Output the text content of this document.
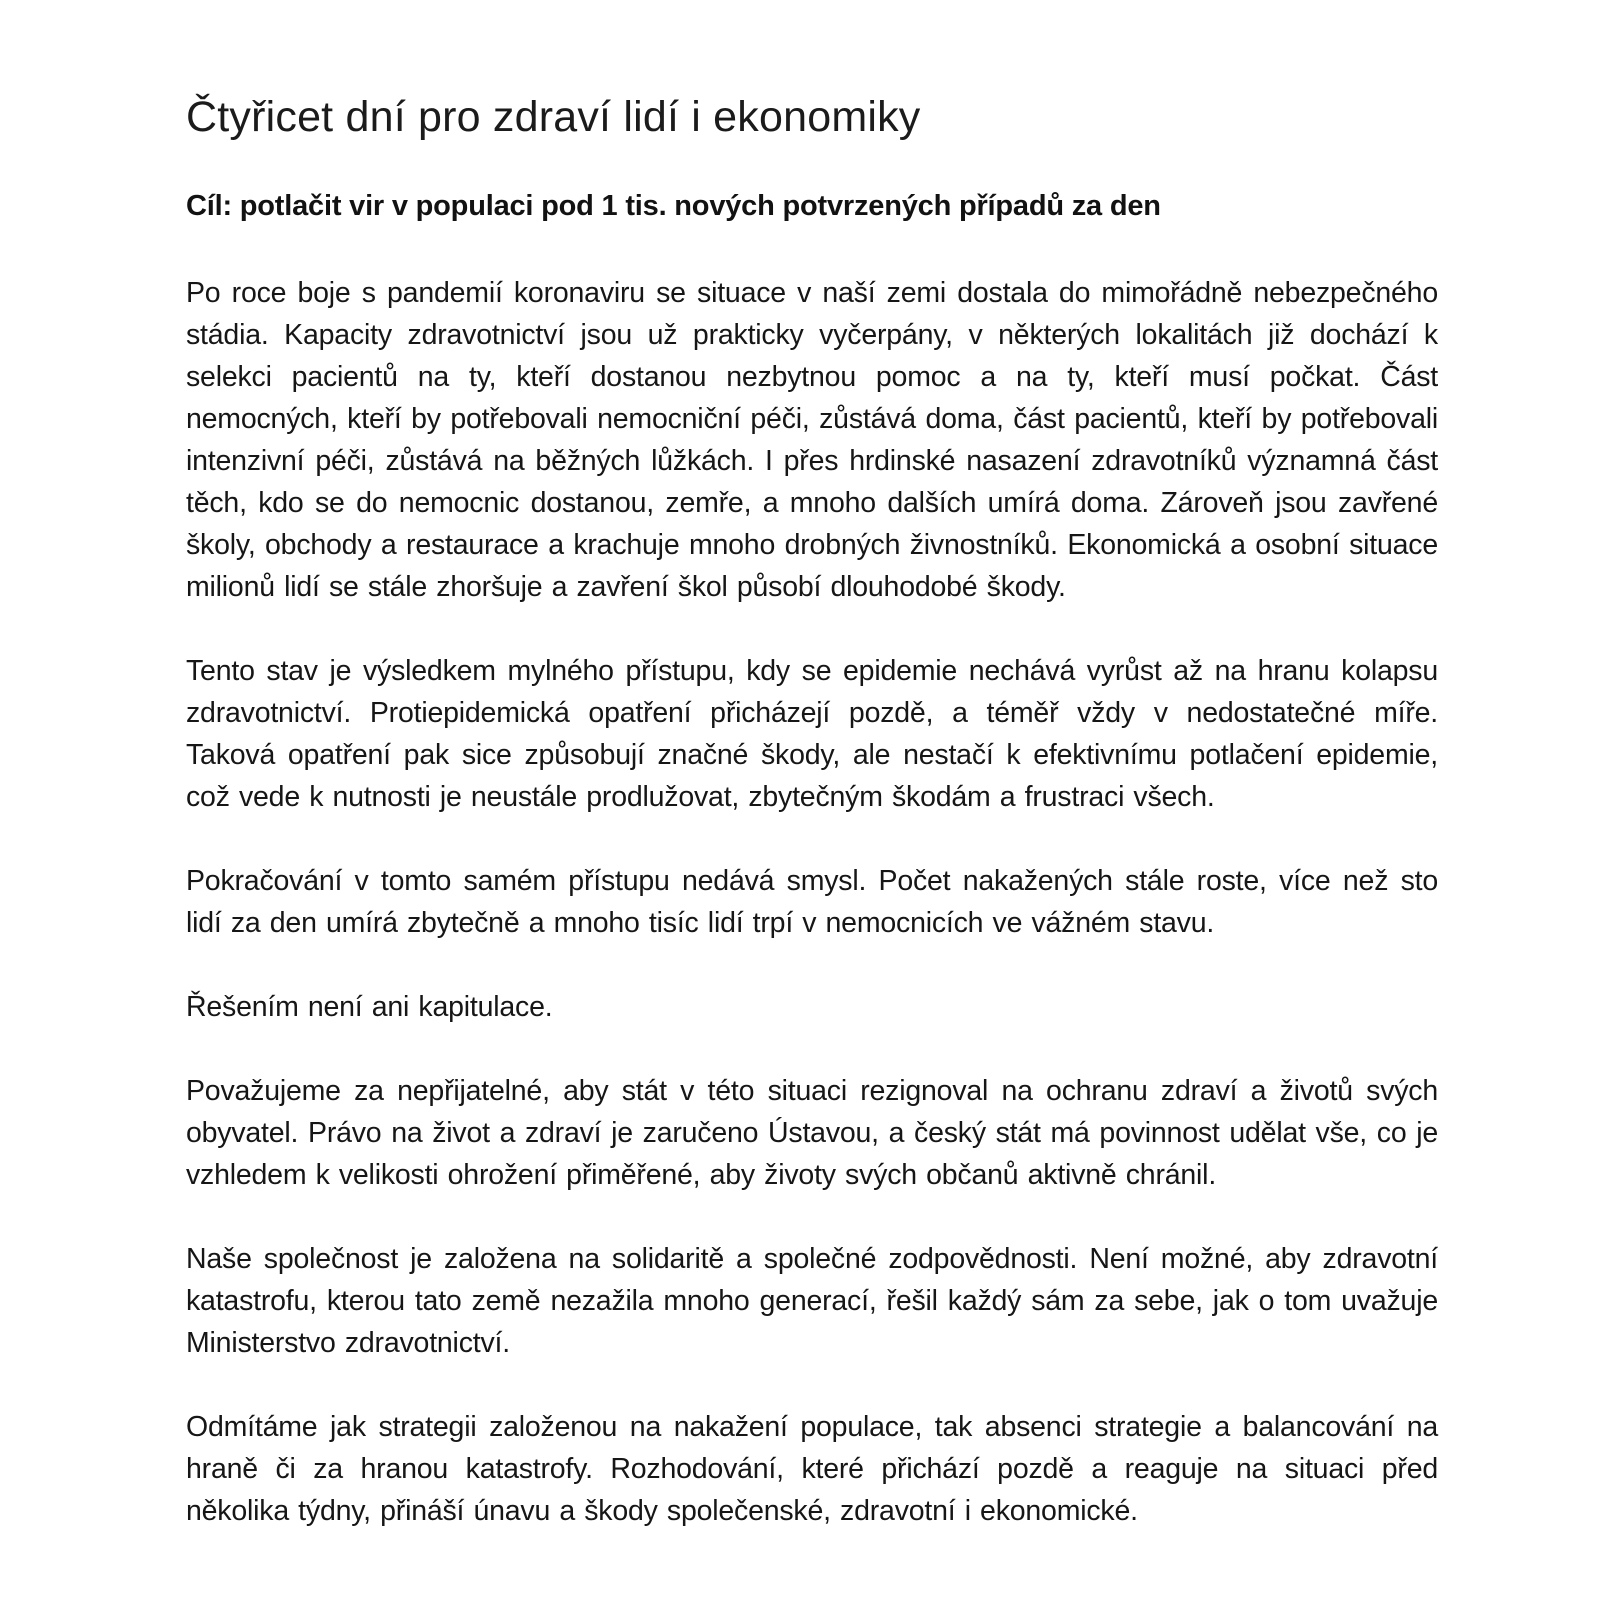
Čtyřicet dní pro zdraví lidí i ekonomiky
Cíl: potlačit vir v populaci pod 1 tis. nových potvrzených případů za den

Po roce boje s pandemií koronaviru se situace v naší zemi dostala do mimořádně nebezpečného stádia. Kapacity zdravotnictví jsou už prakticky vyčerpány, v některých lokalitách již dochází k selekci pacientů na ty, kteří dostanou nezbytnou pomoc a na ty, kteří musí počkat. Část nemocných, kteří by potřebovali nemocniční péči, zůstává doma, část pacientů, kteří by potřebovali intenzivní péči, zůstává na běžných lůžkách. I přes hrdinské nasazení zdravotníků významná část těch, kdo se do nemocnic dostanou, zemře, a mnoho dalších umírá doma. Zároveň jsou zavřené školy, obchody a restaurace a krachuje mnoho drobných živnostníků. Ekonomická a osobní situace milionů lidí se stále zhoršuje a zavření škol působí dlouhodobé škody.

Tento stav je výsledkem mylného přístupu, kdy se epidemie nechává vyrůst až na hranu kolapsu zdravotnictví. Protiepidemická opatření přicházejí pozdě, a téměř vždy v nedostatečné míře. Taková opatření pak sice způsobují značné škody, ale nestačí k efektivnímu potlačení epidemie, což vede k nutnosti je neustále prodlužovat, zbytečným škodám a frustraci všech.

Pokračování v tomto samém přístupu nedává smysl. Počet nakažených stále roste, více než sto lidí za den umírá zbytečně a mnoho tisíc lidí trpí v nemocnicích ve vážném stavu.

Řešením není ani kapitulace.

Považujeme za nepřijatelné, aby stát v této situaci rezignoval na ochranu zdraví a životů svých obyvatel. Právo na život a zdraví je zaručeno Ústavou, a český stát má povinnost udělat vše, co je vzhledem k velikosti ohrožení přiměřené, aby životy svých občanů aktivně chránil.

Naše společnost je založena na solidaritě a společné zodpovědnosti. Není možné, aby zdravotní katastrofu, kterou tato země nezažila mnoho generací, řešil každý sám za sebe, jak o tom uvažuje Ministerstvo zdravotnictví.

Odmítáme jak strategii založenou na nakažení populace, tak absenci strategie a balancování na hraně či za hranou katastrofy. Rozhodování, které přichází pozdě a reaguje na situaci před několika týdny, přináší únavu a škody společenské, zdravotní i ekonomické.
